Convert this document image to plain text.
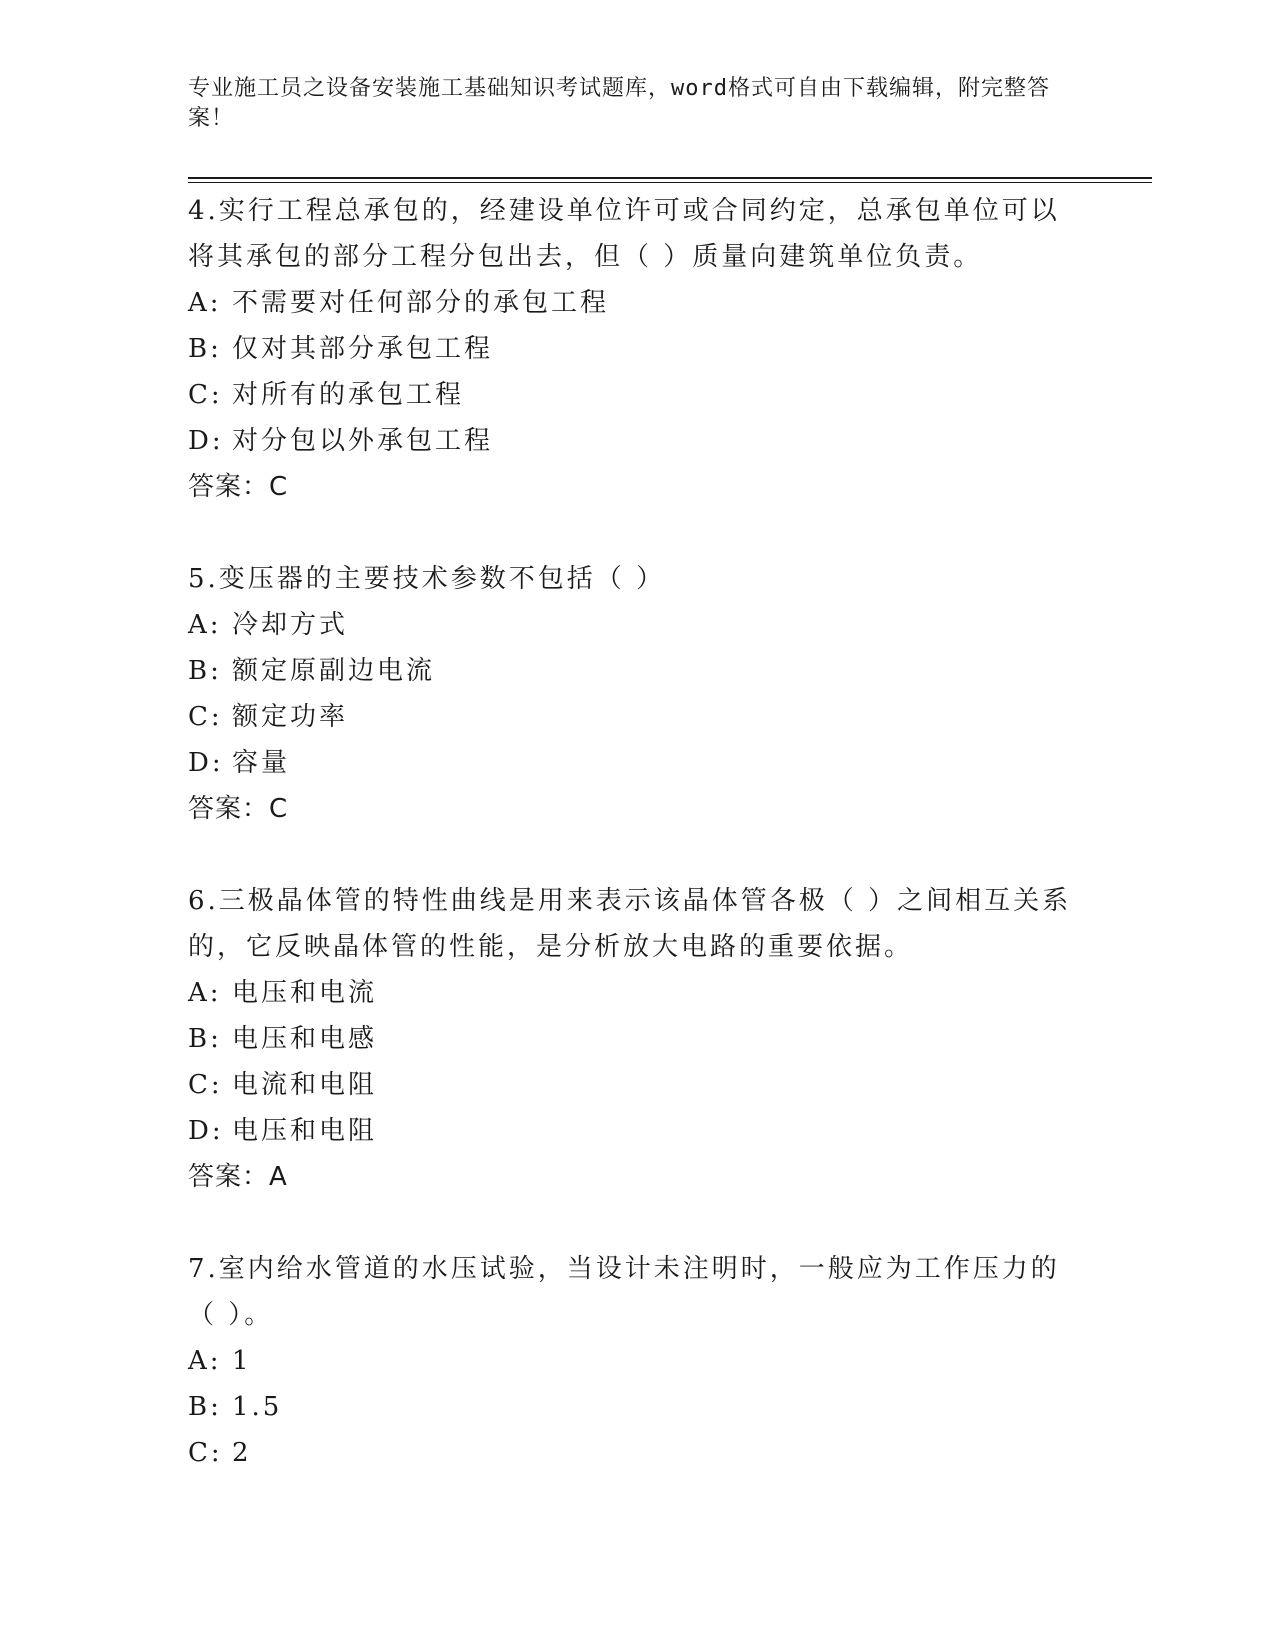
专业施工员之设备安装施工基础知识考试题库，word格式可自由下载编辑，附完整答案！
4.实行工程总承包的，经建设单位许可或合同约定，总承包单位可以将其承包的部分工程分包出去，但（ ）质量向建筑单位负责。
A: 不需要对任何部分的承包工程
B: 仅对其部分承包工程
C: 对所有的承包工程
D: 对分包以外承包工程
答案：C
5.变压器的主要技术参数不包括（ ）
A: 冷却方式
B: 额定原副边电流
C: 额定功率
D: 容量
答案：C
6.三极晶体管的特性曲线是用来表示该晶体管各极（ ）之间相互关系的，它反映晶体管的性能，是分析放大电路的重要依据。
A: 电压和电流
B: 电压和电感
C: 电流和电阻
D: 电压和电阻
答案：A
7.室内给水管道的水压试验，当设计未注明时，一般应为工作压力的（ ）。
A: 1
B: 1.5
C: 2
